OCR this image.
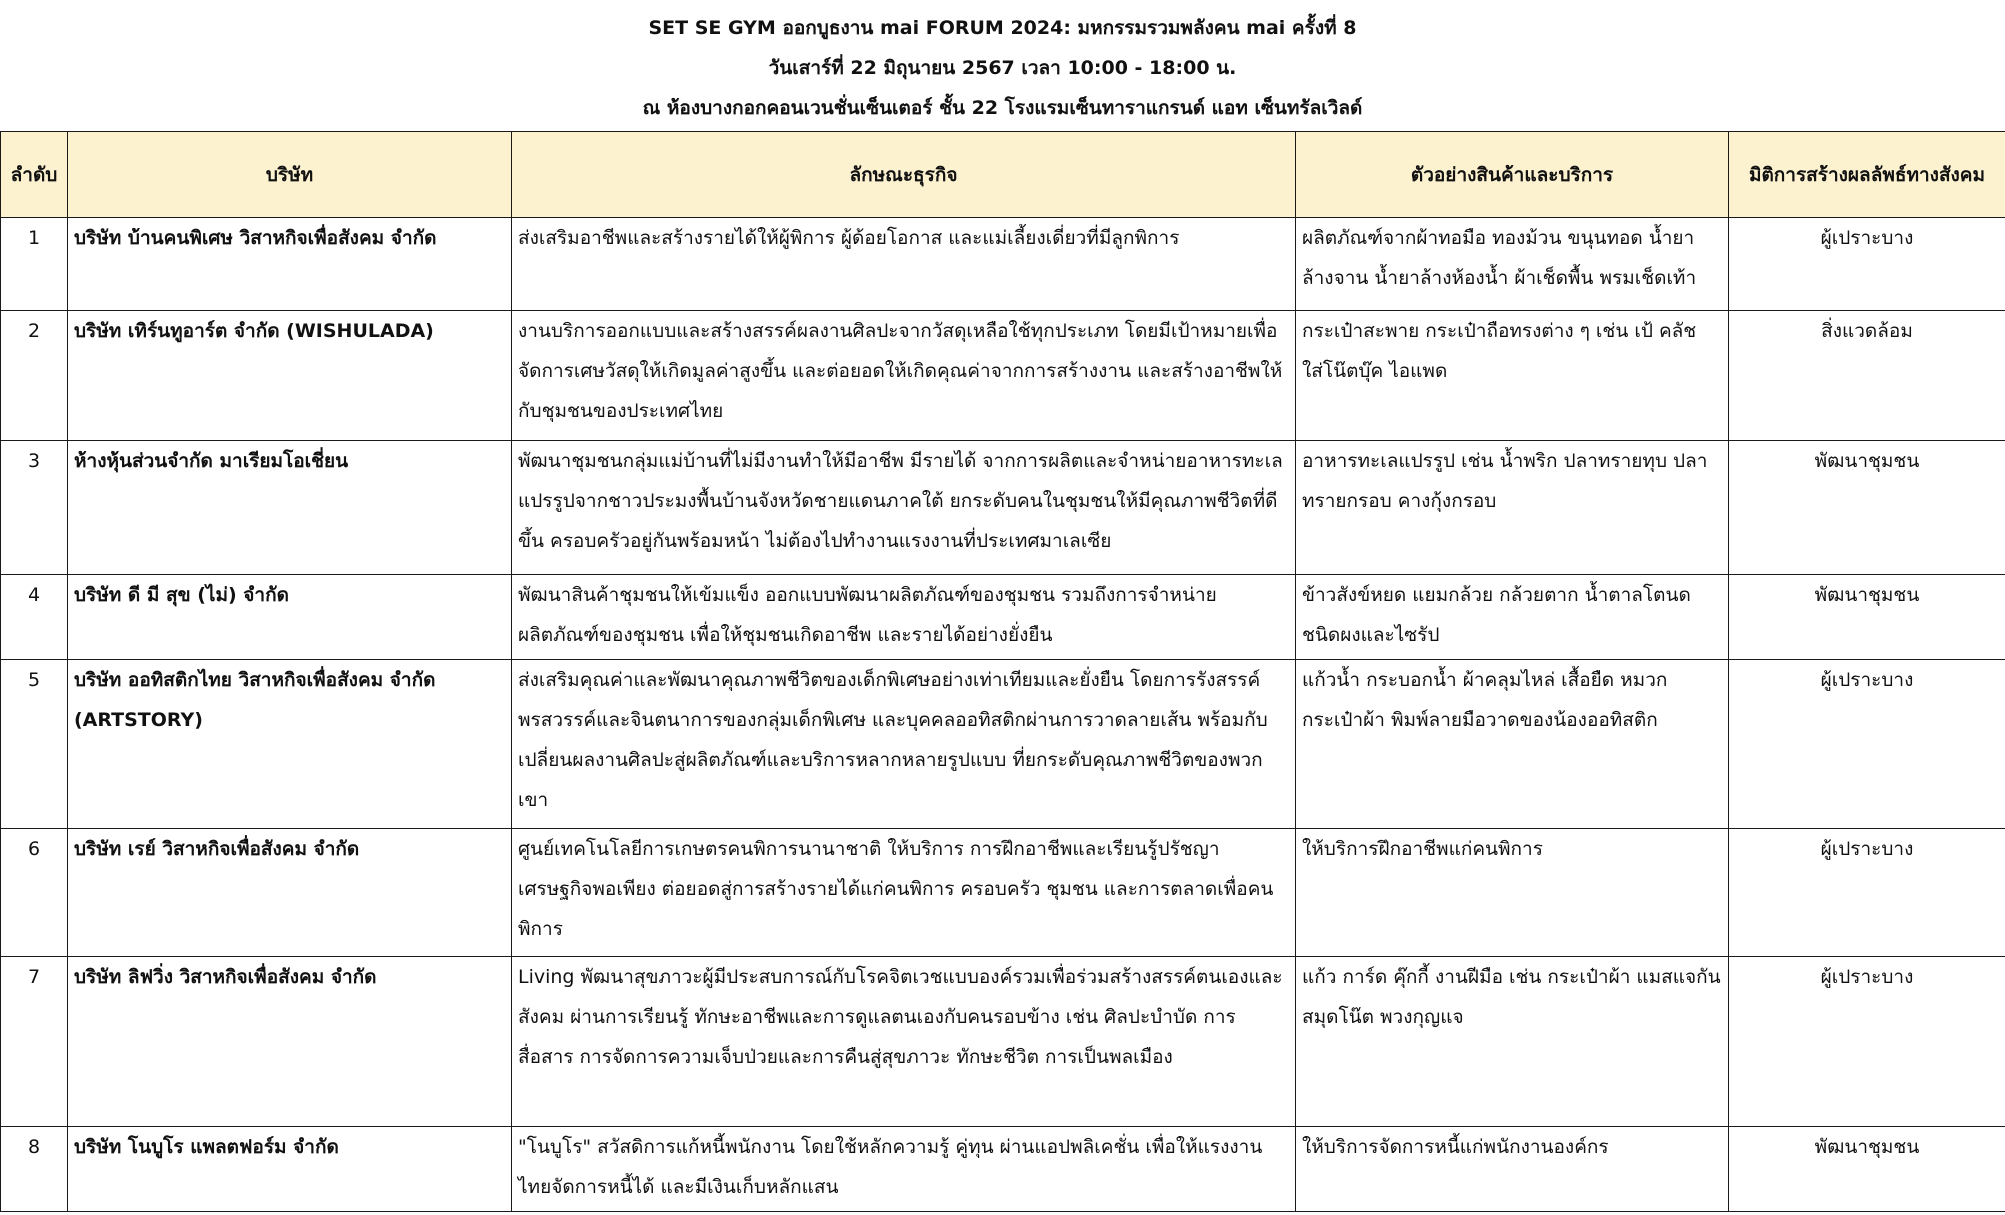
SET SE GYM ออกบูธงาน mai FORUM 2024: มหกรรมรวมพลังคน mai ครั้งที่ 8
วันเสาร์ที่ 22 มิถุนายน 2567 เวลา 10:00 - 18:00 น.
ณ ห้องบางกอกคอนเวนชั่นเซ็นเตอร์ ชั้น 22 โรงแรมเซ็นทาราแกรนด์ แอท เซ็นทรัลเวิลด์
ลำดับ	บริษัท	ลักษณะธุรกิจ	ตัวอย่างสินค้าและบริการ	มิติการสร้างผลลัพธ์ทางสังคม
1	บริษัท บ้านคนพิเศษ วิสาหกิจเพื่อสังคม จำกัด	ส่งเสริมอาชีพและสร้างรายได้ให้ผู้พิการ ผู้ด้อยโอกาส และแม่เลี้ยงเดี่ยวที่มีลูกพิการ	ผลิตภัณฑ์จากผ้าทอมือ ทองม้วน ขนุนทอด น้ำยาล้างจาน น้ำยาล้างห้องน้ำ ผ้าเช็ดพื้น พรมเช็ดเท้า	ผู้เปราะบาง
2	บริษัท เทิร์นทูอาร์ต จำกัด (WISHULADA)	งานบริการออกแบบและสร้างสรรค์ผลงานศิลปะจากวัสดุเหลือใช้ทุกประเภท โดยมีเป้าหมายเพื่อจัดการเศษวัสดุให้เกิดมูลค่าสูงขึ้น และต่อยอดให้เกิดคุณค่าจากการสร้างงาน และสร้างอาชีพให้กับชุมชนของประเทศไทย	กระเป๋าสะพาย กระเป๋าถือทรงต่าง ๆ เช่น เป้ คลัช ใส่โน๊ตบุ๊ค ไอแพด	สิ่งแวดล้อม
3	ห้างหุ้นส่วนจำกัด มาเรียมโอเชี่ยน	พัฒนาชุมชนกลุ่มแม่บ้านที่ไม่มีงานทำให้มีอาชีพ มีรายได้ จากการผลิตและจำหน่ายอาหารทะเลแปรรูปจากชาวประมงพื้นบ้านจังหวัดชายแดนภาคใต้ ยกระดับคนในชุมชนให้มีคุณภาพชีวิตที่ดีขึ้น ครอบครัวอยู่กันพร้อมหน้า ไม่ต้องไปทำงานแรงงานที่ประเทศมาเลเซีย	อาหารทะเลแปรรูป เช่น น้ำพริก ปลาทรายทุบ ปลาทรายกรอบ คางกุ้งกรอบ	พัฒนาชุมชน
4	บริษัท ดี มี สุข (ไม่) จำกัด	พัฒนาสินค้าชุมชนให้เข้มแข็ง ออกแบบพัฒนาผลิตภัณฑ์ของชุมชน รวมถึงการจำหน่ายผลิตภัณฑ์ของชุมชน เพื่อให้ชุมชนเกิดอาชีพ และรายได้อย่างยั่งยืน	ข้าวสังข์หยด แยมกล้วย กล้วยตาก น้ำตาลโตนดชนิดผงและไซรัป	พัฒนาชุมชน
5	บริษัท ออทิสติกไทย วิสาหกิจเพื่อสังคม จำกัด (ARTSTORY)	ส่งเสริมคุณค่าและพัฒนาคุณภาพชีวิตของเด็กพิเศษอย่างเท่าเทียมและยั่งยืน โดยการรังสรรค์ พรสวรรค์และจินตนาการของกลุ่มเด็กพิเศษ และบุคคลออทิสติกผ่านการวาดลายเส้น พร้อมกับเปลี่ยนผลงานศิลปะสู่ผลิตภัณฑ์และบริการหลากหลายรูปแบบ ที่ยกระดับคุณภาพชีวิตของพวกเขา	แก้วน้ำ กระบอกน้ำ ผ้าคลุมไหล่ เสื้อยืด หมวก กระเป๋าผ้า พิมพ์ลายมือวาดของน้องออทิสติก	ผู้เปราะบาง
6	บริษัท เรย์ วิสาหกิจเพื่อสังคม จำกัด	ศูนย์เทคโนโลยีการเกษตรคนพิการนานาชาติ ให้บริการ การฝึกอาชีพและเรียนรู้ปรัชญาเศรษฐกิจพอเพียง ต่อยอดสู่การสร้างรายได้แก่คนพิการ ครอบครัว ชุมชน และการตลาดเพื่อคนพิการ	ให้บริการฝึกอาชีพแก่คนพิการ	ผู้เปราะบาง
7	บริษัท ลิฟวิ่ง วิสาหกิจเพื่อสังคม จำกัด	Living พัฒนาสุขภาวะผู้มีประสบการณ์กับโรคจิตเวชแบบองค์รวมเพื่อร่วมสร้างสรรค์ตนเองและสังคม ผ่านการเรียนรู้ ทักษะอาชีพและการดูแลตนเองกับคนรอบข้าง เช่น ศิลปะบำบัด การสื่อสาร การจัดการความเจ็บป่วยและการคืนสู่สุขภาวะ ทักษะชีวิต การเป็นพลเมือง	แก้ว การ์ด คุ๊กกี้ งานฝีมือ เช่น กระเป๋าผ้า แมสแจกัน สมุดโน๊ต พวงกุญแจ	ผู้เปราะบาง
8	บริษัท โนบูโร แพลตฟอร์ม จำกัด	"โนบูโร" สวัสดิการแก้หนี้พนักงาน โดยใช้หลักความรู้ คู่ทุน ผ่านแอปพลิเคชั่น เพื่อให้แรงงานไทยจัดการหนี้ได้ และมีเงินเก็บหลักแสน	ให้บริการจัดการหนี้แก่พนักงานองค์กร	พัฒนาชุมชน
